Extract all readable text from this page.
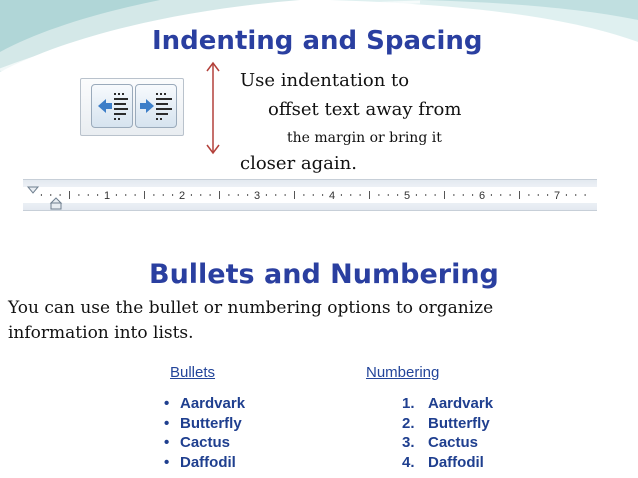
Indenting and Spacing
Use indentation to
offset text away from
the margin or bring it
closer again.
1	2	3	4	5	6	7
Bullets and Numbering
You can use the bullet or numbering options to organize
information into lists.
Bullets	Numbering
• Aardvark
• Butterfly
• Cactus
• Daffodil
1. Aardvark
2. Butterfly
3. Cactus
4. Daffodil
